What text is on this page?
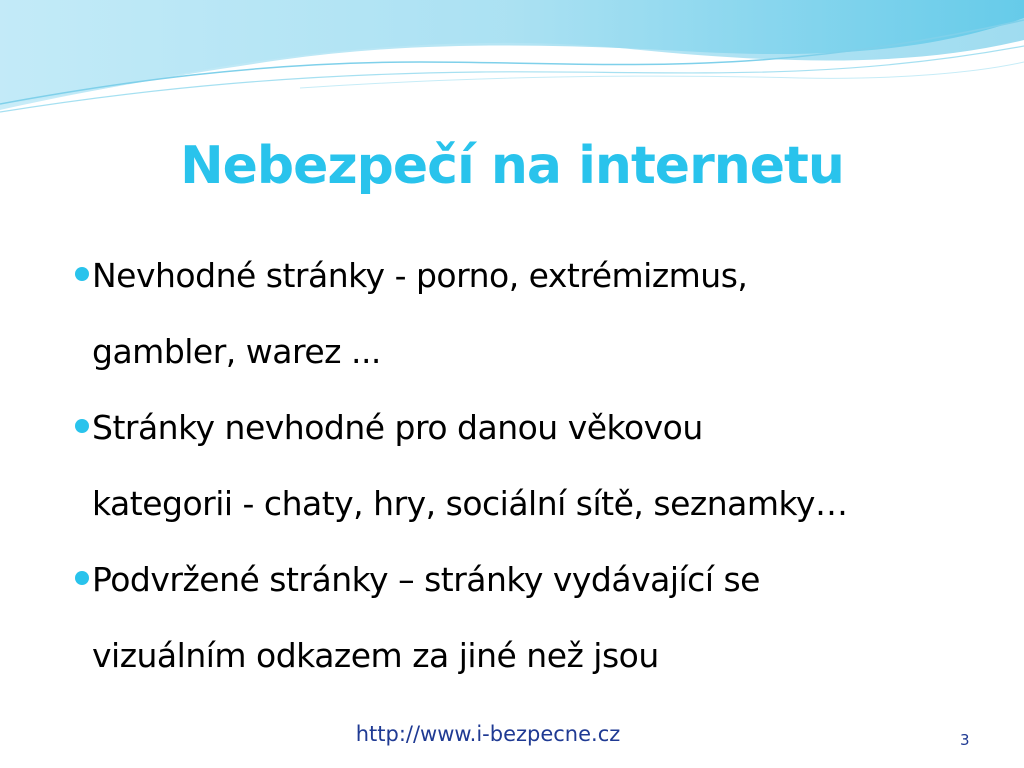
Nebezpečí na internetu
Nevhodné stránky - porno, extrémizmus,
gambler, warez ...
Stránky nevhodné pro danou věkovou
kategorii - chaty, hry, sociální sítě, seznamky…
Podvržené stránky – stránky vydávající se
vizuálním odkazem za jiné než jsou
http://www.i-bezpecne.cz	3
